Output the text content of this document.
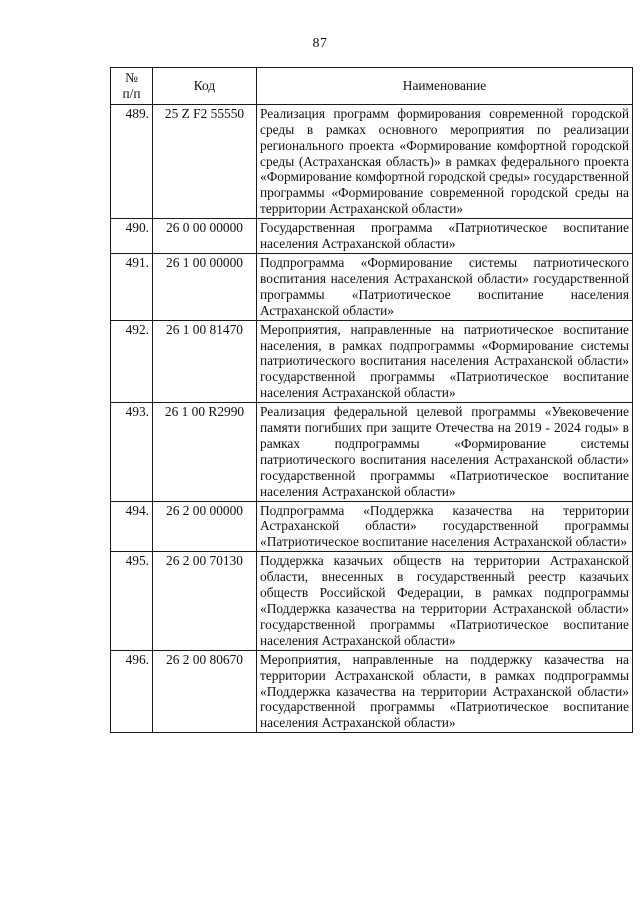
87
№
п/п	Код	Наименование
489.	25 Z F2 55550	Реализация программ формирования современной городской среды в рамках основного мероприятия по реализации регионального проекта «Формирование комфортной городской среды (Астраханская область)» в рамках федерального проекта «Формирование комфортной городской среды» государственной программы «Формирование современной городской среды на территории Астраханской области»
490.	26 0 00 00000	Государственная программа «Патриотическое воспитание населения Астраханской области»
491.	26 1 00 00000	Подпрограмма «Формирование системы патриотического воспитания населения Астраханской области» государственной программы «Патриотическое воспитание населения Астраханской области»
492.	26 1 00 81470	Мероприятия, направленные на патриотическое воспитание населения, в рамках подпрограммы «Формирование системы патриотического воспитания населения Астраханской области» государственной программы «Патриотическое воспитание населения Астраханской области»
493.	26 1 00 R2990	Реализация федеральной целевой программы «Увековечение памяти погибших при защите Отечества на 2019 - 2024 годы» в рамках подпрограммы «Формирование системы патриотического воспитания населения Астраханской области» государственной программы «Патриотическое воспитание населения Астраханской области»
494.	26 2 00 00000	Подпрограмма «Поддержка казачества на территории Астраханской области» государственной программы «Патриотическое воспитание населения Астраханской области»
495.	26 2 00 70130	Поддержка казачьих обществ на территории Астраханской области, внесенных в государственный реестр казачьих обществ Российской Федерации, в рамках подпрограммы «Поддержка казачества на территории Астраханской области» государственной программы «Патриотическое воспитание населения Астраханской области»
496.	26 2 00 80670	Мероприятия, направленные на поддержку казачества на территории Астраханской области, в рамках подпрограммы «Поддержка казачества на территории Астраханской области» государственной программы «Патриотическое воспитание населения Астраханской области»
